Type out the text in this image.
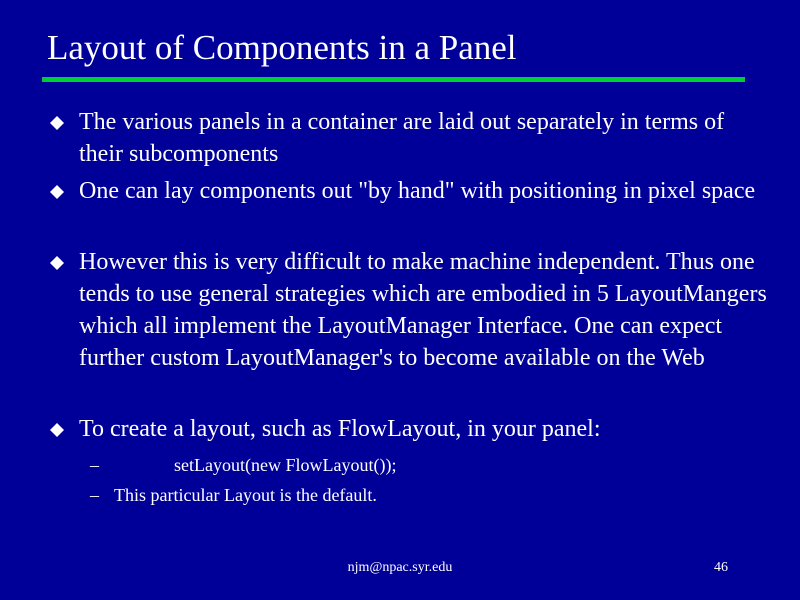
Layout of Components in a Panel
The various panels in a container are laid out separately in terms of their subcomponents
One can lay components out "by hand" with positioning in pixel space
However this is very difficult to make machine independent. Thus one tends to use general strategies which are embodied in 5 LayoutMangers which all implement the LayoutManager Interface. One can expect further custom LayoutManager's to become available on the Web
To create a layout, such as FlowLayout, in your panel:
–	setLayout(new FlowLayout());
– This particular Layout is the default.
njm@npac.syr.edu	46
